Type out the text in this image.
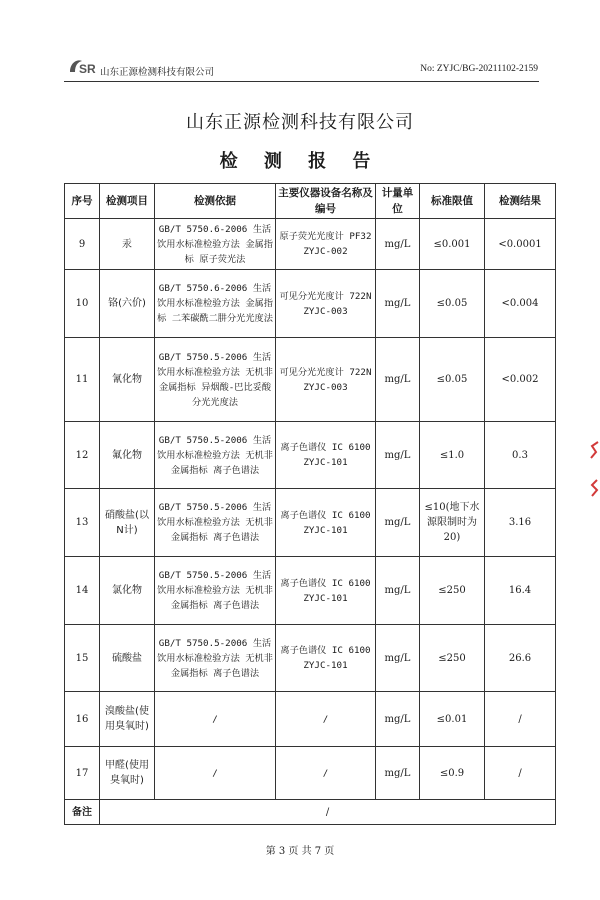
SR 山东正源检测科技有限公司	No: ZYJC/BG-20211102-2159
山东正源检测科技有限公司
检 测 报 告
序号	检测项目	检测依据	主要仪器设备名称及编号	计量单位	标准限值	检测结果
9	汞	GB/T 5750.6-2006 生活饮用水标准检验方法 金属指标 原子荧光法	原子荧光光度计 PF32 ZYJC-002	mg/L	≤0.001	<0.0001
10	铬(六价)	GB/T 5750.6-2006 生活饮用水标准检验方法 金属指标 二苯碳酰二肼分光光度法	可见分光光度计 722N ZYJC-003	mg/L	≤0.05	<0.004
11	氰化物	GB/T 5750.5-2006 生活饮用水标准检验方法 无机非金属指标 异烟酸-巴比妥酸分光光度法	可见分光光度计 722N ZYJC-003	mg/L	≤0.05	<0.002
12	氟化物	GB/T 5750.5-2006 生活饮用水标准检验方法 无机非金属指标 离子色谱法	离子色谱仪 IC 6100 ZYJC-101	mg/L	≤1.0	0.3
13	硝酸盐(以N计)	GB/T 5750.5-2006 生活饮用水标准检验方法 无机非金属指标 离子色谱法	离子色谱仪 IC 6100 ZYJC-101	mg/L	≤10(地下水源限制时为20)	3.16
14	氯化物	GB/T 5750.5-2006 生活饮用水标准检验方法 无机非金属指标 离子色谱法	离子色谱仪 IC 6100 ZYJC-101	mg/L	≤250	16.4
15	硫酸盐	GB/T 5750.5-2006 生活饮用水标准检验方法 无机非金属指标 离子色谱法	离子色谱仪 IC 6100 ZYJC-101	mg/L	≤250	26.6
16	溴酸盐(使用臭氧时)	/	/	mg/L	≤0.01	/
17	甲醛(使用臭氧时)	/	/	mg/L	≤0.9	/
备注	/					
第 3 页 共 7 页
